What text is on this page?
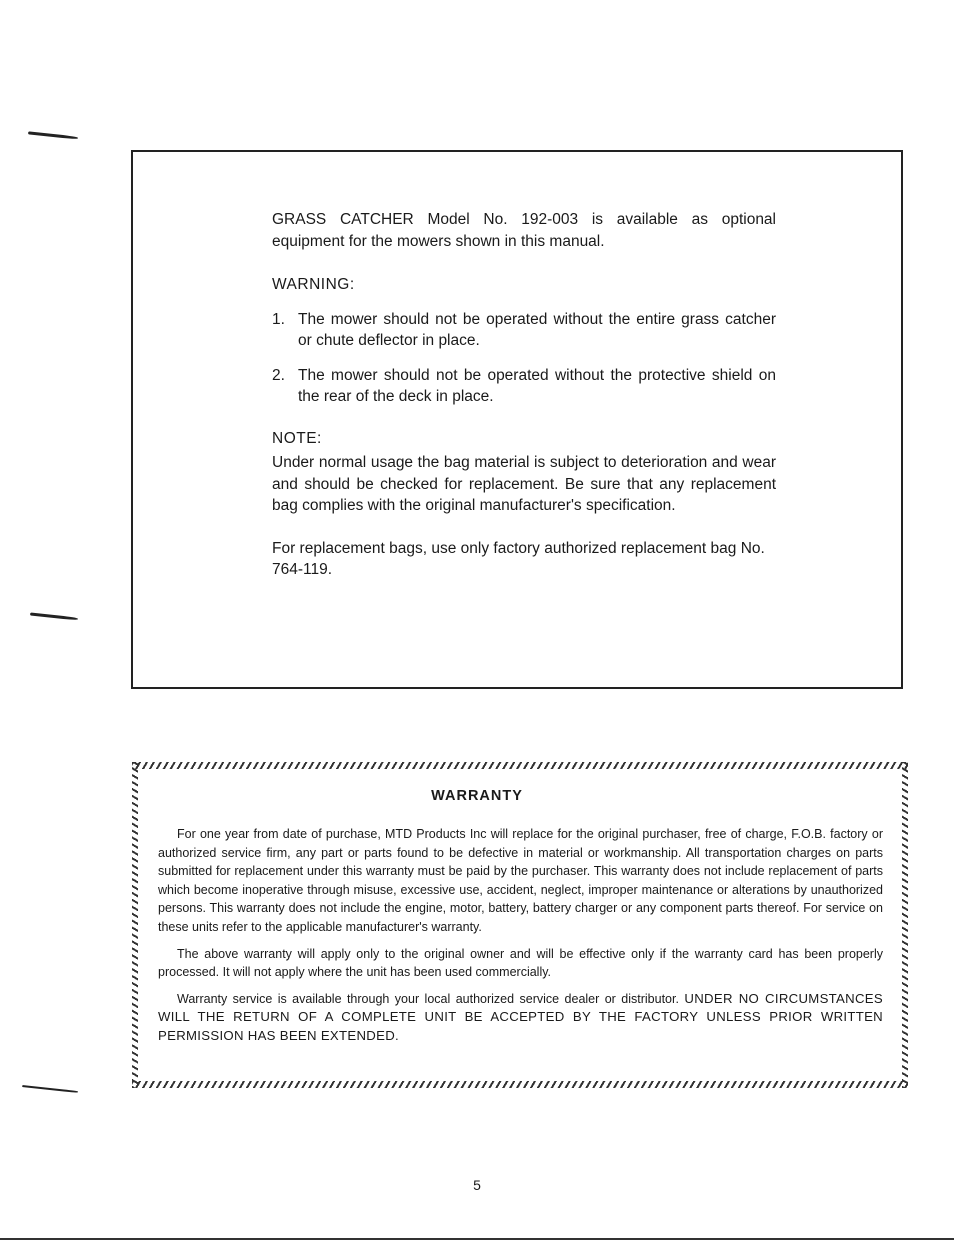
GRASS CATCHER Model No. 192-003 is available as optional equipment for the mowers shown in this manual.

WARNING:

1. The mower should not be operated without the entire grass catcher or chute deflector in place.

2. The mower should not be operated without the protective shield on the rear of the deck in place.

NOTE:

Under normal usage the bag material is subject to deterioration and wear and should be checked for replacement. Be sure that any replacement bag complies with the original manufacturer's specification.

For replacement bags, use only factory authorized replacement bag No. 764-119.

WARRANTY

For one year from date of purchase, MTD Products Inc will replace for the original purchaser, free of charge, F.O.B. factory or authorized service firm, any part or parts found to be defective in material or workmanship. All transportation charges on parts submitted for replacement under this warranty must be paid by the purchaser. This warranty does not include replacement of parts which become inoperative through misuse, excessive use, accident, neglect, improper maintenance or alterations by unauthorized persons. This warranty does not include the engine, motor, battery, battery charger or any component parts thereof. For service on these units refer to the applicable manufacturer's warranty.

The above warranty will apply only to the original owner and will be effective only if the warranty card has been properly processed. It will not apply where the unit has been used commercially.

Warranty service is available through your local authorized service dealer or distributor. UNDER NO CIRCUMSTANCES WILL THE RETURN OF A COMPLETE UNIT BE ACCEPTED BY THE FACTORY UNLESS PRIOR WRITTEN PERMISSION HAS BEEN EXTENDED.

5
